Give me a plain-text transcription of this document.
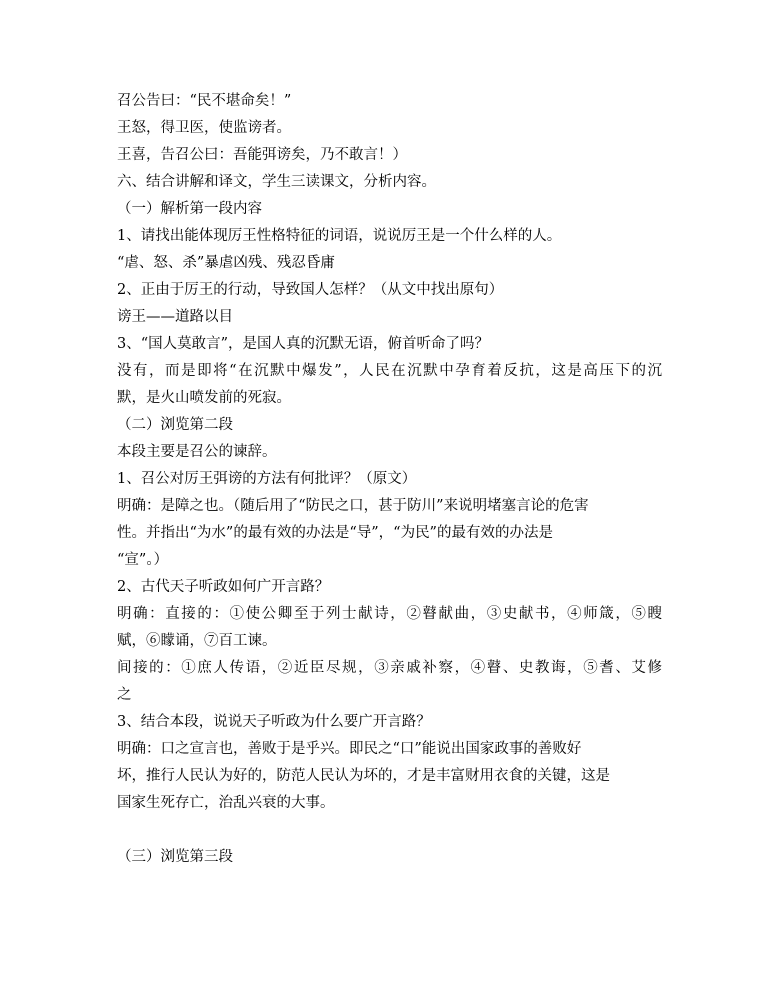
召公告曰：“民不堪命矣！”
王怒，得卫医，使监谤者。
王喜，告召公曰：吾能弭谤矣，乃不敢言！）
六、结合讲解和译文，学生三读课文，分析内容。
（一）解析第一段内容
1、请找出能体现厉王性格特征的词语，说说厉王是一个什么样的人。
“虐、怒、杀”暴虐凶残、残忍昏庸
2、正由于厉王的行动，导致国人怎样？（从文中找出原句）
谤王——道路以目
3、“国人莫敢言”，是国人真的沉默无语，俯首听命了吗？
没有，而是即将“在沉默中爆发”，人民在沉默中孕育着反抗，这是高压下的沉
默，是火山喷发前的死寂。
（二）浏览第二段
本段主要是召公的谏辞。
1、召公对厉王弭谤的方法有何批评？（原文）
明确：是障之也。（随后用了“防民之口，甚于防川”来说明堵塞言论的危害
性。并指出“为水”的最有效的办法是“导”，“为民”的最有效的办法是
“宣”。）
2、古代天子听政如何广开言路？
明确：直接的：①使公卿至于列士献诗，②瞽献曲，③史献书，④师箴，⑤瞍
赋，⑥矇诵，⑦百工谏。
间接的：①庶人传语，②近臣尽规，③亲戚补察，④瞽、史教诲，⑤耆、艾修
之
3、结合本段，说说天子听政为什么要广开言路？
明确：口之宣言也，善败于是乎兴。即民之“口”能说出国家政事的善败好
坏，推行人民认为好的，防范人民认为坏的，才是丰富财用衣食的关键，这是
国家生死存亡，治乱兴衰的大事。
（三）浏览第三段
